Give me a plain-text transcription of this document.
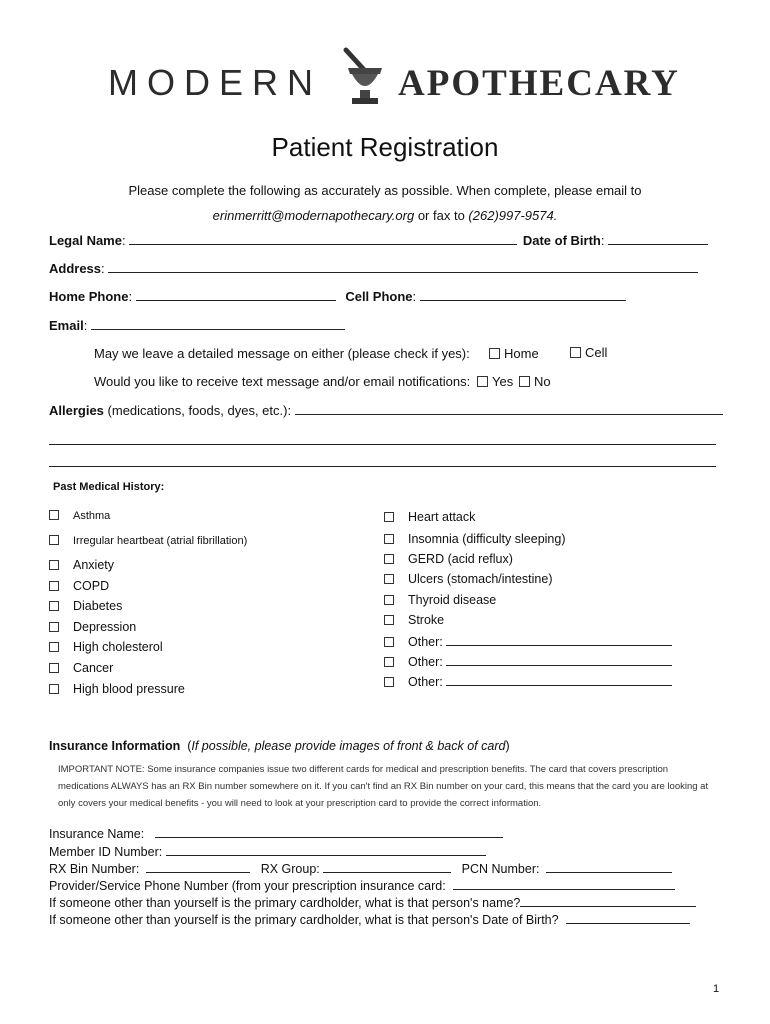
MODERN APOTHECARY
Patient Registration
Please complete the following as accurately as possible. When complete, please email to
erinmerritt@modernapothecary.org or fax to (262)997-9574.
Legal Name:	Date of Birth:
Address:
Home Phone:	Cell Phone:
Email:
May we leave a detailed message on either (please check if yes):	Home	Cell
Would you like to receive text message and/or email notifications:	Yes	No
Allergies (medications, foods, dyes, etc.):
Past Medical History:
Asthma
Irregular heartbeat (atrial fibrillation)
Anxiety
COPD
Diabetes
Depression
High cholesterol
Cancer
High blood pressure
Heart attack
Insomnia (difficulty sleeping)
GERD (acid reflux)
Ulcers (stomach/intestine)
Thyroid disease
Stroke
Other:
Other:
Other:
Insurance Information  (If possible, please provide images of front & back of card)
IMPORTANT NOTE: Some insurance companies issue two different cards for medical and prescription benefits. The card that covers prescription
medications ALWAYS has an RX Bin number somewhere on it. If you can't find an RX Bin number on your card, this means that the card you are looking at
only covers your medical benefits - you will need to look at your prescription card to provide the correct information.
Insurance Name:
Member ID Number:
RX Bin Number:	RX Group:	PCN Number:
Provider/Service Phone Number (from your prescription insurance card:
If someone other than yourself is the primary cardholder, what is that person's name?
If someone other than yourself is the primary cardholder, what is that person's Date of Birth?
1
